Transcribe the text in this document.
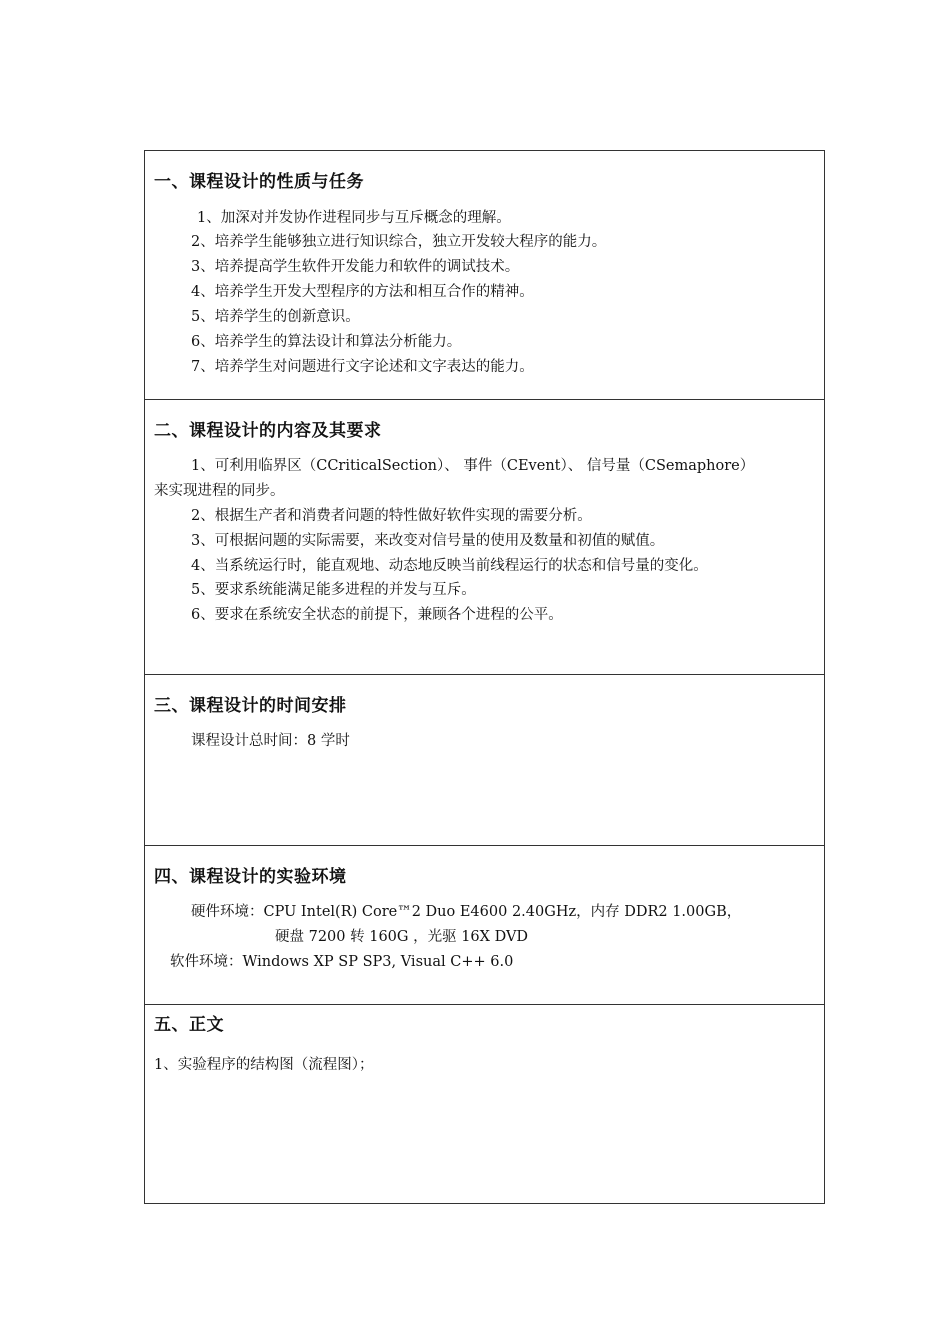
一、课程设计的性质与任务
1、加深对并发协作进程同步与互斥概念的理解。
2、培养学生能够独立进行知识综合，独立开发较大程序的能力。
3、培养提高学生软件开发能力和软件的调试技术。
4、培养学生开发大型程序的方法和相互合作的精神。
5、培养学生的创新意识。
6、培养学生的算法设计和算法分析能力。
7、培养学生对问题进行文字论述和文字表达的能力。
二、课程设计的内容及其要求
1、可利用临界区（CCriticalSection）、 事件（CEvent）、 信号量（CSemaphore）
来实现进程的同步。
2、根据生产者和消费者问题的特性做好软件实现的需要分析。
3、可根据问题的实际需要，来改变对信号量的使用及数量和初值的赋值。
4、当系统运行时，能直观地、动态地反映当前线程运行的状态和信号量的变化。
5、要求系统能满足能多进程的并发与互斥。
6、要求在系统安全状态的前提下，兼顾各个进程的公平。
三、课程设计的时间安排
课程设计总时间：8 学时
四、课程设计的实验环境
硬件环境：CPU Intel(R) Core™2 Duo E4600 2.40GHz，内存 DDR2 1.00GB，
硬盘 7200 转 160G ，光驱 16X DVD
软件环境：Windows XP SP SP3, Visual C++ 6.0
五、正文
1、实验程序的结构图（流程图）；
